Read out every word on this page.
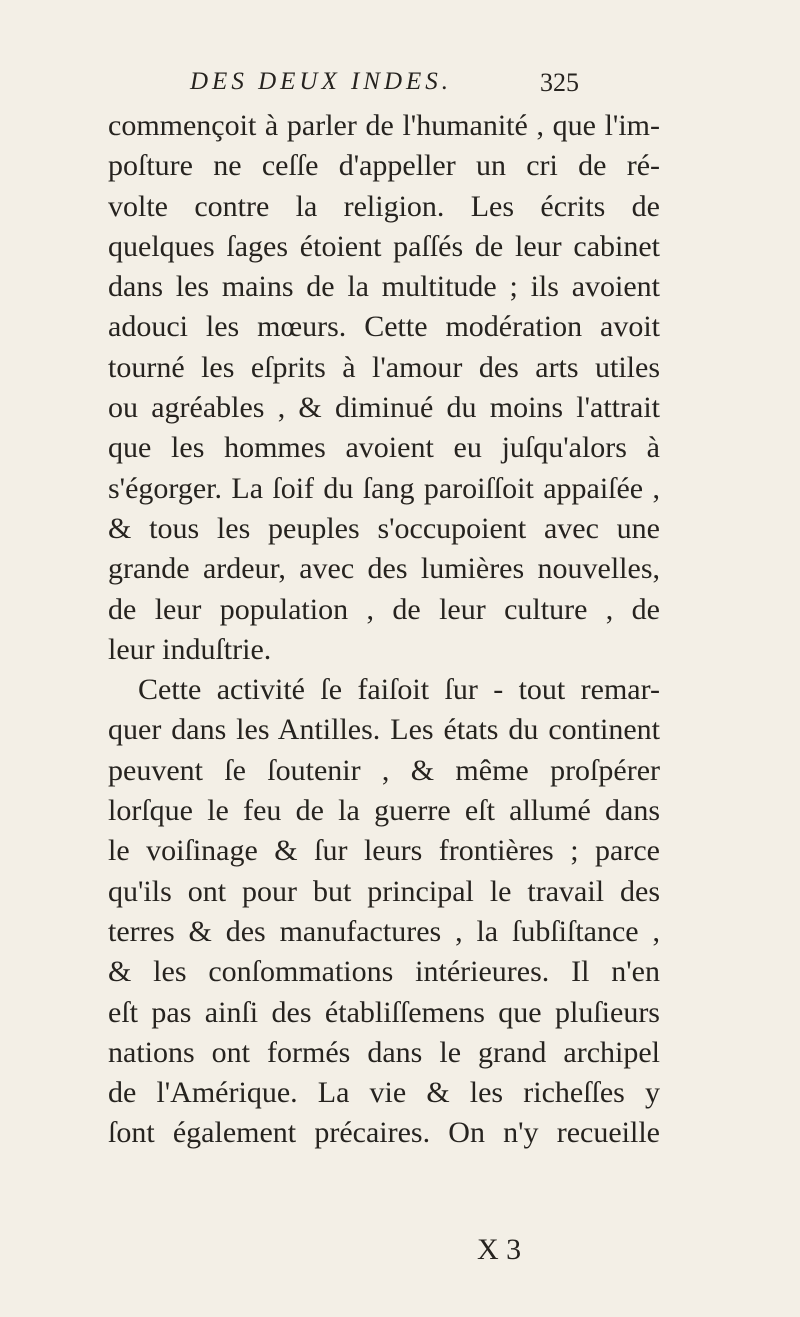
DES DEUX INDES.	325
commençoit à parler de l'humanité , que l'im-
poſture ne ceſſe d'appeller un cri de ré-
volte contre la religion. Les écrits de
quelques ſages étoient paſſés de leur cabinet
dans les mains de la multitude ; ils avoient
adouci les mœurs. Cette modération avoit
tourné les eſprits à l'amour des arts utiles
ou agréables , & diminué du moins l'attrait
que les hommes avoient eu juſqu'alors à
s'égorger. La ſoif du ſang paroiſſoit appaiſée ,
& tous les peuples s'occupoient avec une
grande ardeur, avec des lumières nouvelles,
de leur population , de leur culture , de
leur induſtrie.
Cette activité ſe faiſoit ſur - tout remar-
quer dans les Antilles. Les états du continent
peuvent ſe ſoutenir , & même proſpérer
lorſque le feu de la guerre eſt allumé dans
le voiſinage & ſur leurs frontières ; parce
qu'ils ont pour but principal le travail des
terres & des manufactures , la ſubſiſtance ,
& les conſommations intérieures. Il n'en
eſt pas ainſi des établiſſemens que pluſieurs
nations ont formés dans le grand archipel
de l'Amérique. La vie & les richeſſes y
ſont également précaires. On n'y recueille
X 3
